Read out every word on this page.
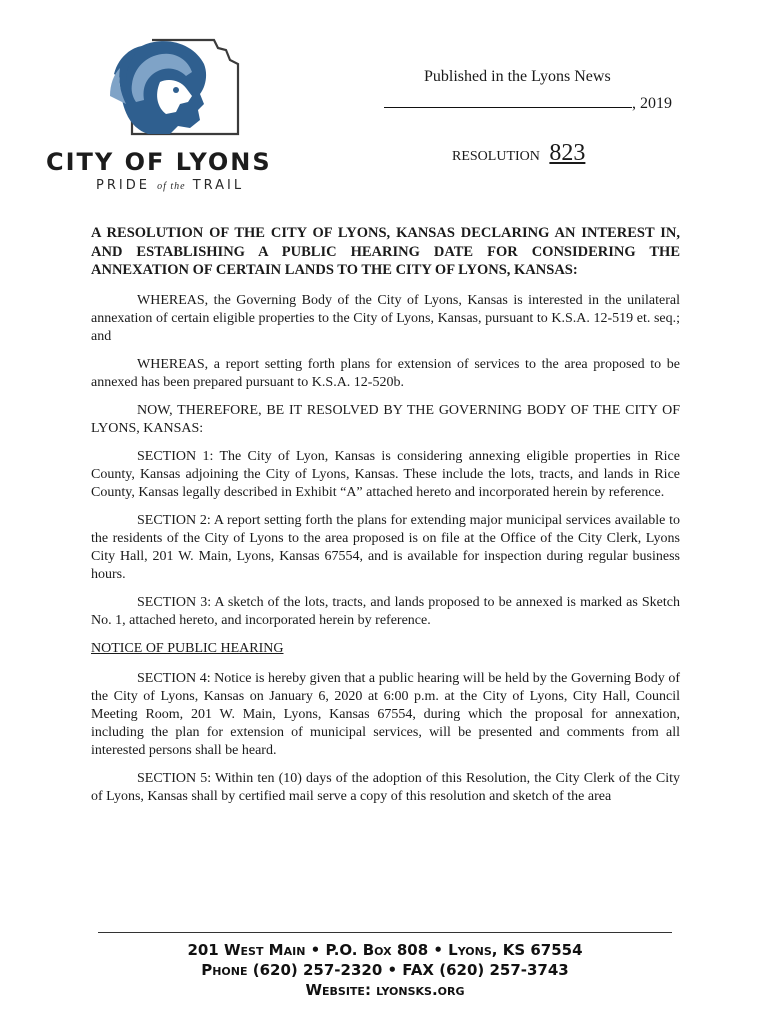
CITY OF LYONS
PRIDE of the TRAIL
Published in the Lyons News
, 2019
RESOLUTION 823

A RESOLUTION OF THE CITY OF LYONS, KANSAS DECLARING AN INTEREST IN, AND ESTABLISHING A PUBLIC HEARING DATE FOR CONSIDERING THE ANNEXATION OF CERTAIN LANDS TO THE CITY OF LYONS, KANSAS:

WHEREAS, the Governing Body of the City of Lyons, Kansas is interested in the unilateral annexation of certain eligible properties to the City of Lyons, Kansas, pursuant to K.S.A. 12-519 et. seq.; and

WHEREAS, a report setting forth plans for extension of services to the area proposed to be annexed has been prepared pursuant to K.S.A. 12-520b.

NOW, THEREFORE, BE IT RESOLVED BY THE GOVERNING BODY OF THE CITY OF LYONS, KANSAS:

SECTION 1: The City of Lyon, Kansas is considering annexing eligible properties in Rice County, Kansas adjoining the City of Lyons, Kansas. These include the lots, tracts, and lands in Rice County, Kansas legally described in Exhibit “A” attached hereto and incorporated herein by reference.

SECTION 2: A report setting forth the plans for extending major municipal services available to the residents of the City of Lyons to the area proposed is on file at the Office of the City Clerk, Lyons City Hall, 201 W. Main, Lyons, Kansas 67554, and is available for inspection during regular business hours.

SECTION 3: A sketch of the lots, tracts, and lands proposed to be annexed is marked as Sketch No. 1, attached hereto, and incorporated herein by reference.

NOTICE OF PUBLIC HEARING

SECTION 4: Notice is hereby given that a public hearing will be held by the Governing Body of the City of Lyons, Kansas on January 6, 2020 at 6:00 p.m. at the City of Lyons, City Hall, Council Meeting Room, 201 W. Main, Lyons, Kansas 67554, during which the proposal for annexation, including the plan for extension of municipal services, will be presented and comments from all interested persons shall be heard.

SECTION 5: Within ten (10) days of the adoption of this Resolution, the City Clerk of the City of Lyons, Kansas shall by certified mail serve a copy of this resolution and sketch of the area

201 West Main • P.O. Box 808 • Lyons, KS 67554
Phone (620) 257-2320 • FAX (620) 257-3743
Website: lyonsks.org
